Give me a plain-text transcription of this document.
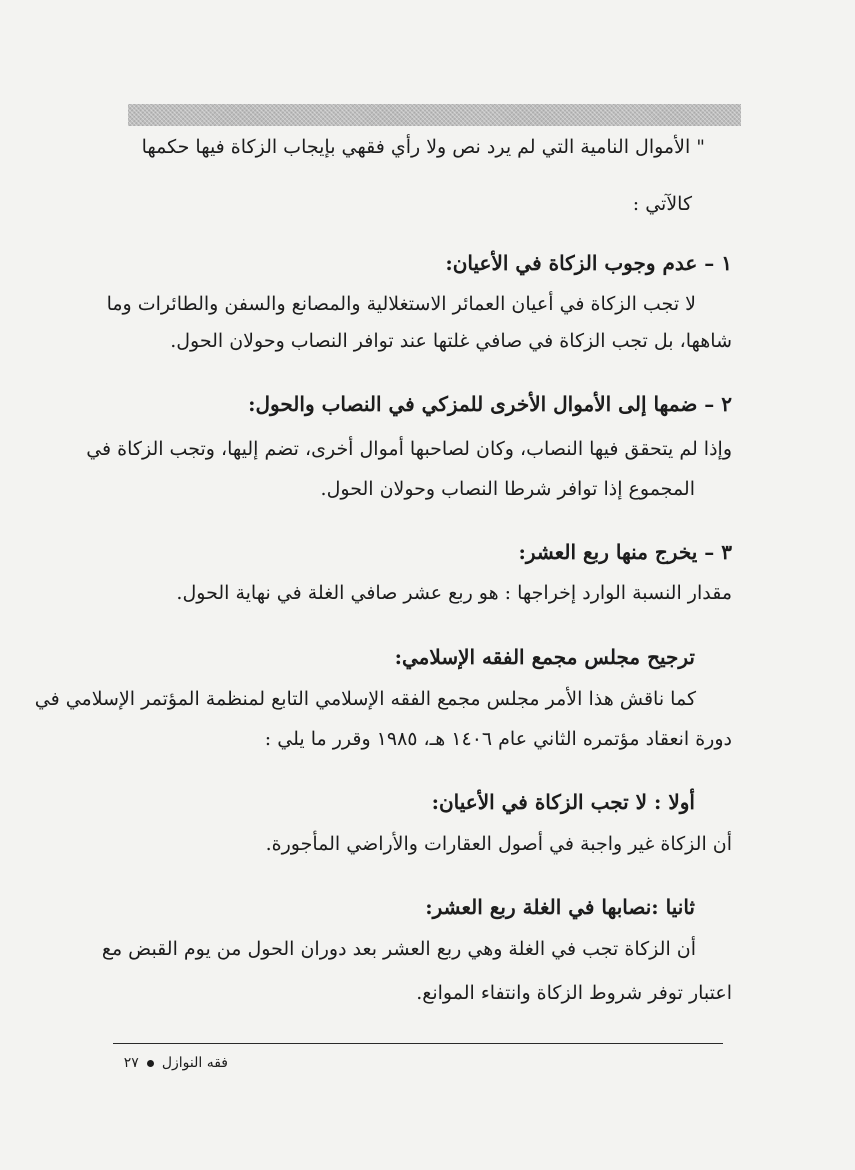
" الأموال النامية التي لم يرد نص ولا رأي فقهي بإيجاب الزكاة فيها حكمها
كالآتي :
١ – عدم وجوب الزكاة في الأعيان:
لا تجب الزكاة في أعيان العمائر الاستغلالية والمصانع والسفن والطائرات وما
شاهها، بل تجب الزكاة في صافي غلتها عند توافر النصاب وحولان الحول.
٢ – ضمها إلى الأموال الأخرى للمزكي في النصاب والحول:
وإذا لم يتحقق فيها النصاب، وكان لصاحبها أموال أخرى، تضم إليها، وتجب الزكاة في
المجموع إذا توافر شرطا النصاب وحولان الحول.
٣ – يخرج منها ربع العشر:
مقدار النسبة الوارد إخراجها : هو ربع عشر صافي الغلة في نهاية الحول.
ترجيح مجلس مجمع الفقه الإسلامي:
كما ناقش هذا الأمر مجلس مجمع الفقه الإسلامي التابع لمنظمة المؤتمر الإسلامي في
دورة انعقاد مؤتمره الثاني عام ١٤٠٦ هـ، ١٩٨٥ وقرر ما يلي :
أولا : لا تجب الزكاة في الأعيان:
أن الزكاة غير واجبة في أصول العقارات والأراضي المأجورة.
ثانيا :نصابها في الغلة ربع العشر:
أن الزكاة تجب في الغلة وهي ربع العشر بعد دوران الحول من يوم القبض مع
اعتبار توفر شروط الزكاة وانتفاء الموانع.
فقه النوازل
٢٧
